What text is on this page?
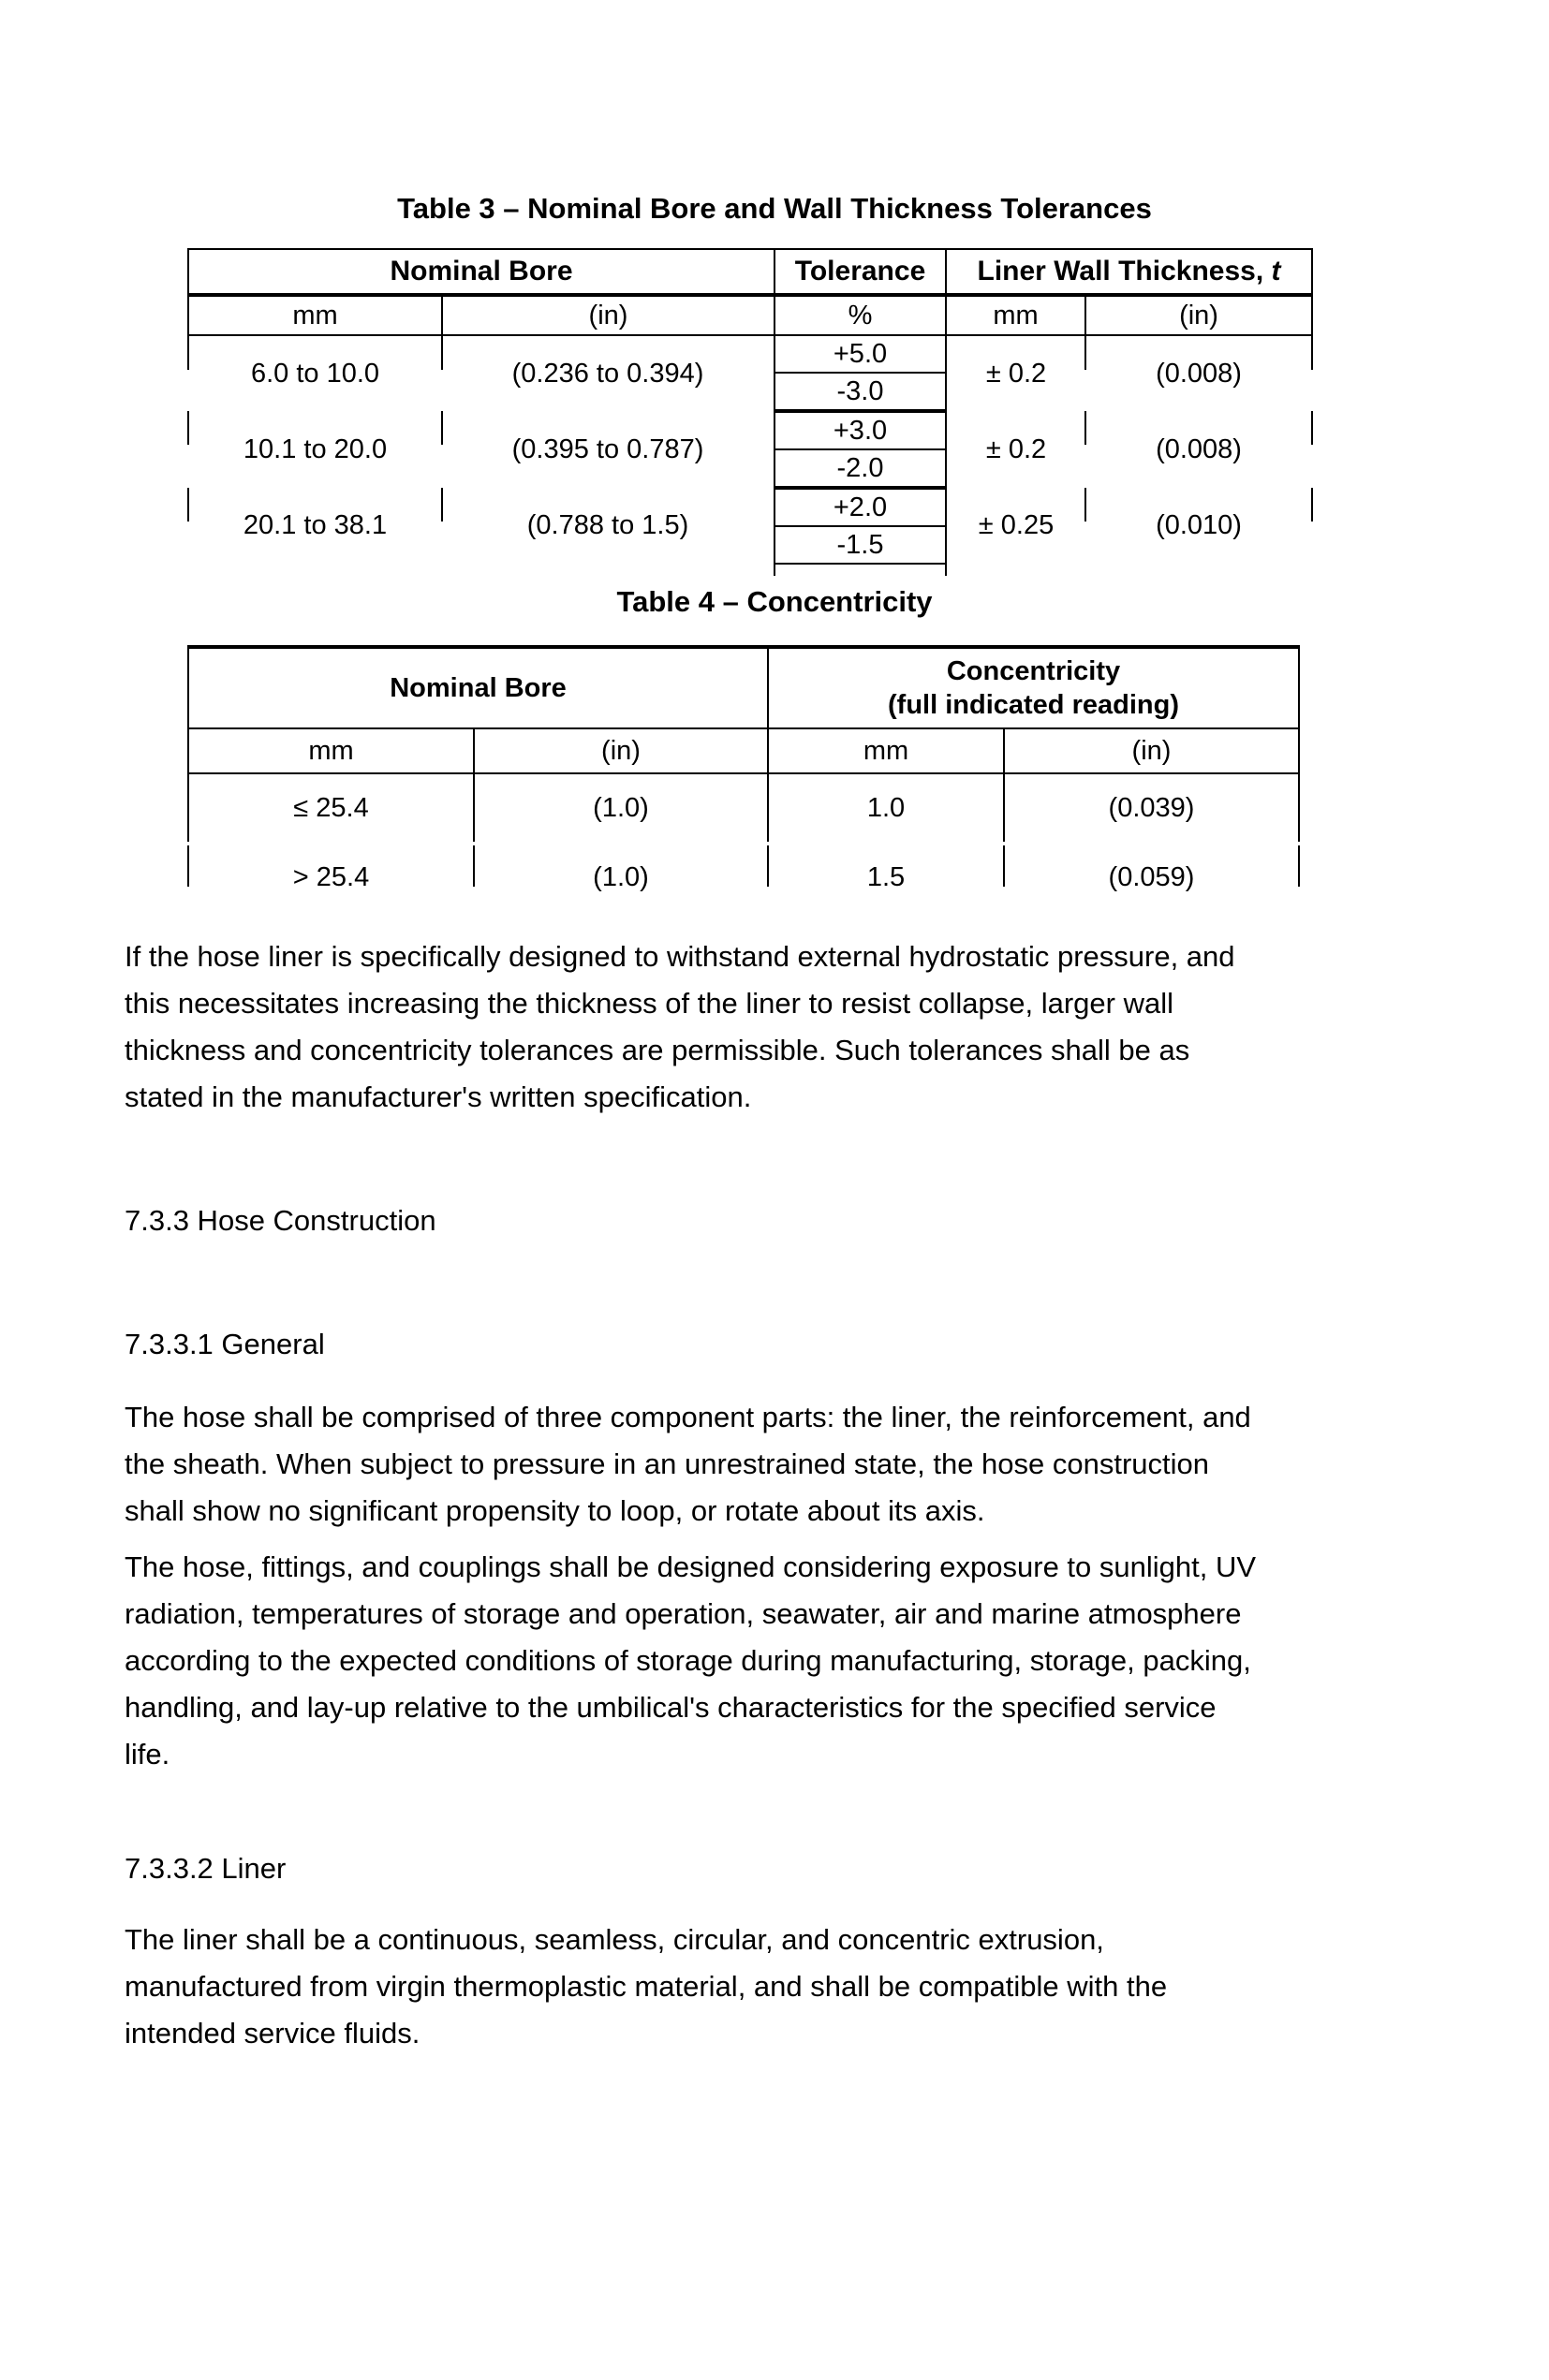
Table 3 – Nominal Bore and Wall Thickness Tolerances
Nominal Bore		Tolerance	Liner Wall Thickness, t	
mm	(in)	%	mm	(in)
6.0 to 10.0	(0.236 to 0.394)	+5.0	± 0.2	(0.008)
		-3.0		
10.1 to 20.0	(0.395 to 0.787)	+3.0	± 0.2	(0.008)
		-2.0		
20.1 to 38.1	(0.788 to 1.5)	+2.0	± 0.25	(0.010)
		-1.5		

Table 4 – Concentricity
Nominal Bore		Concentricity
(full indicated reading)	

mm	(in)	mm	(in)
≤ 25.4	(1.0)	1.0	(0.039)
> 25.4	(1.0)	1.5	(0.059)
If the hose liner is specifically designed to withstand external hydrostatic pressure, and
this necessitates increasing the thickness of the liner to resist collapse, larger wall
thickness and concentricity tolerances are permissible. Such tolerances shall be as
stated in the manufacturer's written specification.
7.3.3 Hose Construction
7.3.3.1 General
The hose shall be comprised of three component parts: the liner, the reinforcement, and
the sheath. When subject to pressure in an unrestrained state, the hose construction
shall show no significant propensity to loop, or rotate about its axis.
The hose, fittings, and couplings shall be designed considering exposure to sunlight, UV
radiation, temperatures of storage and operation, seawater, air and marine atmosphere
according to the expected conditions of storage during manufacturing, storage, packing,
handling, and lay-up relative to the umbilical's characteristics for the specified service
life.
7.3.3.2 Liner
The liner shall be a continuous, seamless, circular, and concentric extrusion,
manufactured from virgin thermoplastic material, and shall be compatible with the
intended service fluids.
